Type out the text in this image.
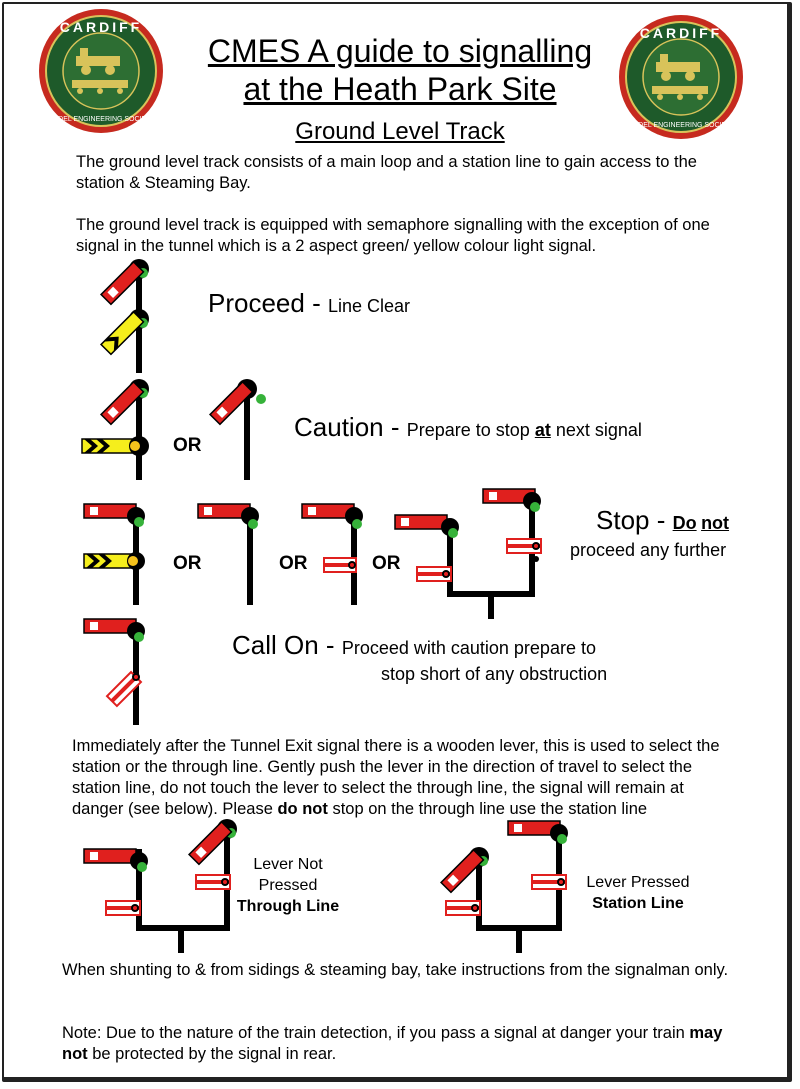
CARDIFF
MODEL ENGINEERING SOCIETY
CARDIFF
MODEL ENGINEERING SOCIETY
CMES A guide to signalling
at the Heath Park Site
Ground Level Track
The ground level track consists of a main loop and a station line to gain access to the station & Steaming Bay.
The ground level track is equipped with semaphore signalling with the exception of one signal in the tunnel which is a 2 aspect green/ yellow colour light signal.
Proceed - Line Clear
OR
Caution - Prepare to stop at next signal
OR	OR	OR
Stop - Do not
proceed any further
Call On - Proceed with caution prepare to
stop short of any obstruction
Immediately after the Tunnel Exit signal there is a wooden lever, this is used to select the station or the through line. Gently push the lever in the direction of travel to select the station line, do not touch the lever to select the through line, the signal will remain at danger (see below). Please do not stop on the through line use the station line
Lever Not
Pressed
Through Line
Lever Pressed
Station Line
When shunting to & from sidings & steaming bay, take instructions from the signalman only.
Note: Due to the nature of the train detection, if you pass a signal at danger your train may not be protected by the signal in rear.
